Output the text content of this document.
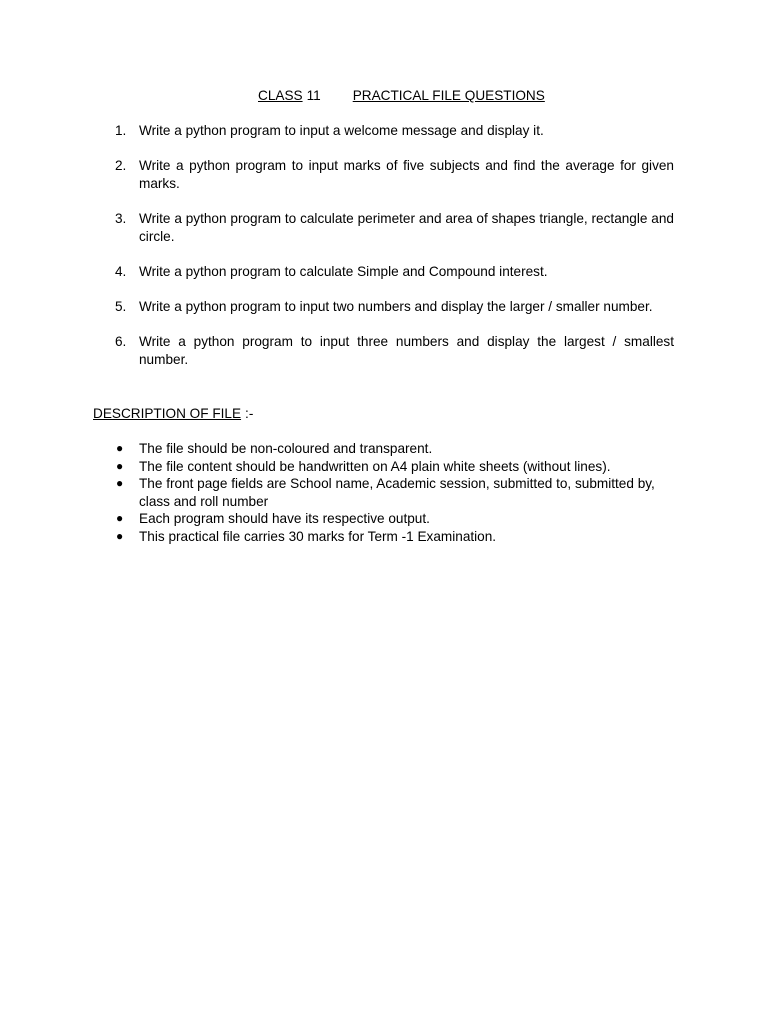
CLASS 11 PRACTICAL FILE QUESTIONS
1. Write a python program to input a welcome message and display it.
2. Write a python program to input marks of five subjects and find the average for given marks.
3. Write a python program to calculate perimeter and area of shapes triangle, rectangle and circle.
4. Write a python program to calculate Simple and Compound interest.
5. Write a python program to input two numbers and display the larger / smaller number.
6. Write a python program to input three numbers and display the largest / smallest number.
DESCRIPTION OF FILE :-
● The file should be non-coloured and transparent.
● The file content should be handwritten on A4 plain white sheets (without lines).
● The front page fields are School name, Academic session, submitted to, submitted by, class and roll number
● Each program should have its respective output.
● This practical file carries 30 marks for Term -1 Examination.
